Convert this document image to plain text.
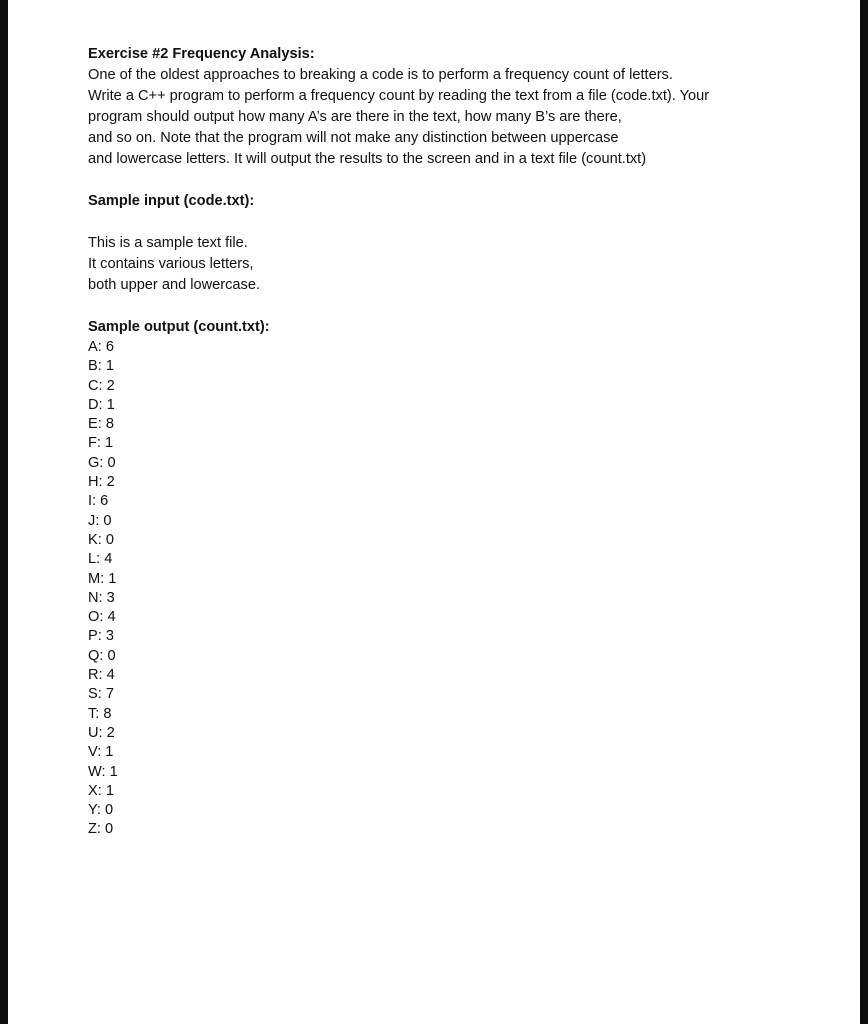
Exercise #2 Frequency Analysis:
One of the oldest approaches to breaking a code is to perform a frequency count of letters.
Write a C++ program to perform a frequency count by reading the text from a file (code.txt). Your
program should output how many A’s are there in the text, how many B’s are there,
and so on. Note that the program will not make any distinction between uppercase
and lowercase letters. It will output the results to the screen and in a text file (count.txt)
Sample input (code.txt):
This is a sample text file.
It contains various letters,
both upper and lowercase.
Sample output (count.txt):
A: 6
B: 1
C: 2
D: 1
E: 8
F: 1
G: 0
H: 2
I: 6
J: 0
K: 0
L: 4
M: 1
N: 3
O: 4
P: 3
Q: 0
R: 4
S: 7
T: 8
U: 2
V: 1
W: 1
X: 1
Y: 0
Z: 0
